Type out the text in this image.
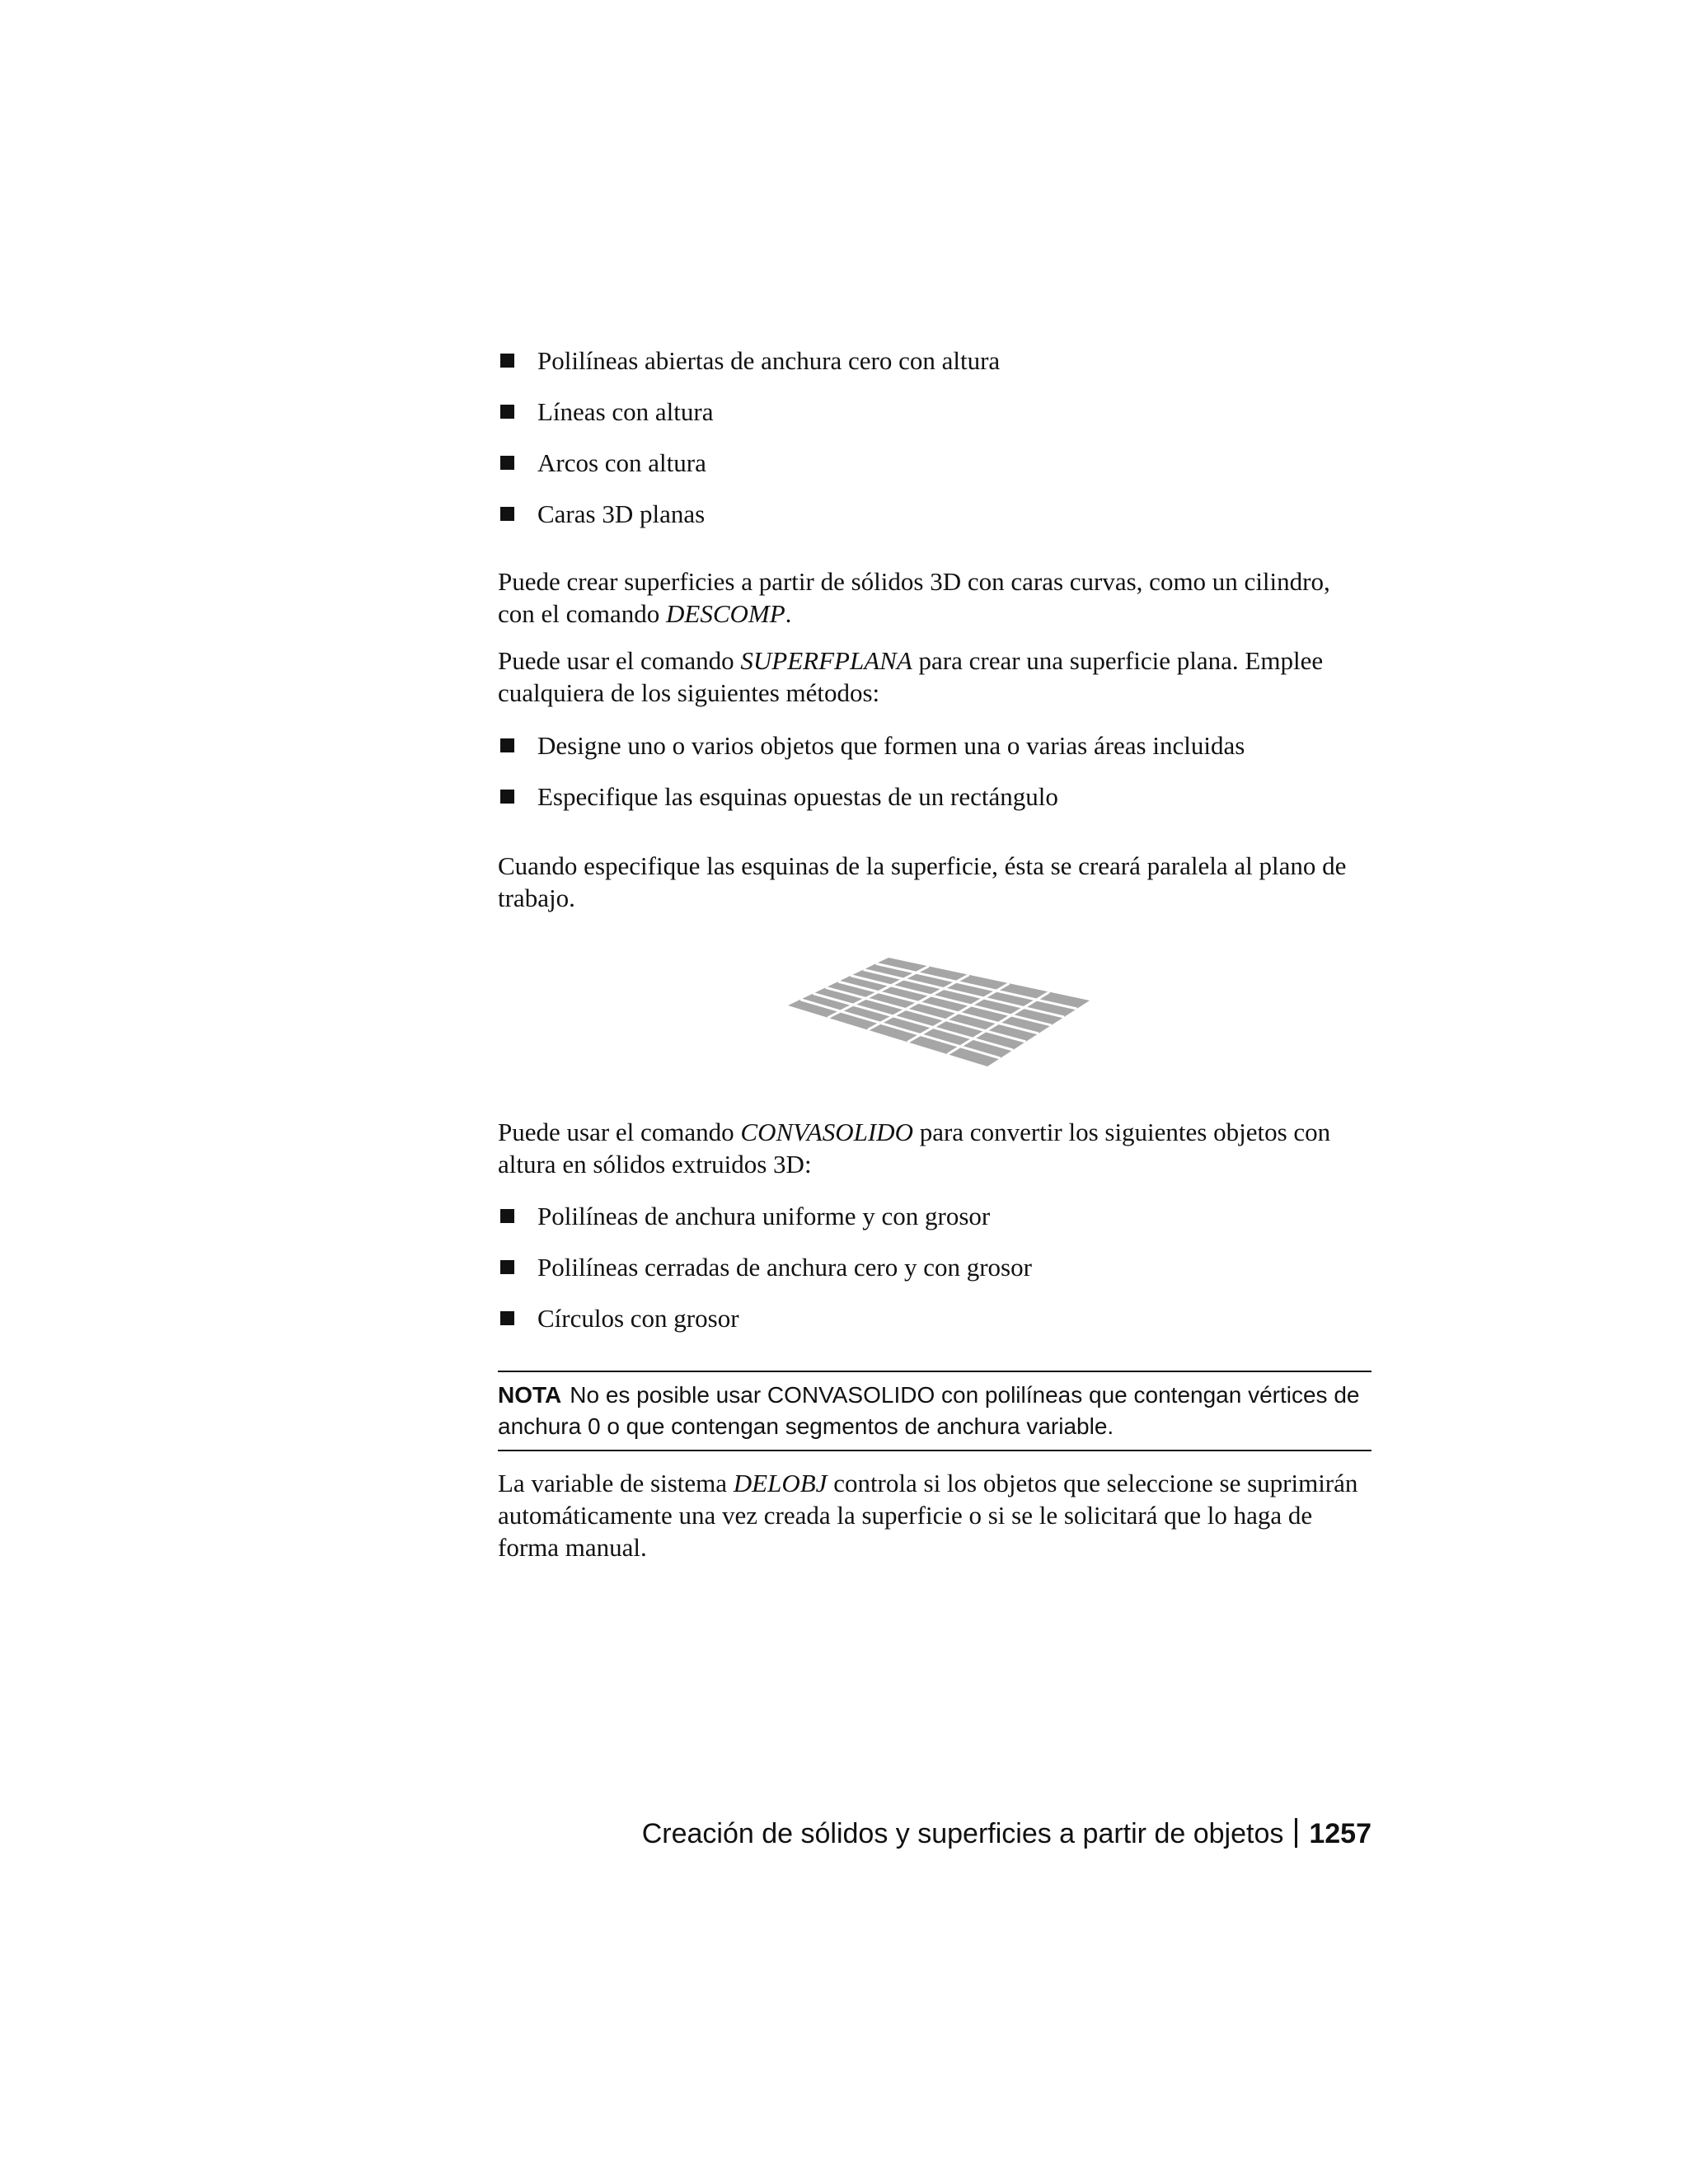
Polilíneas abiertas de anchura cero con altura
Líneas con altura
Arcos con altura
Caras 3D planas

Puede crear superficies a partir de sólidos 3D con caras curvas, como un cilindro, con el comando DESCOMP.

Puede usar el comando SUPERFPLANA para crear una superficie plana. Emplee cualquiera de los siguientes métodos:

Designe uno o varios objetos que formen una o varias áreas incluidas
Especifique las esquinas opuestas de un rectángulo

Cuando especifique las esquinas de la superficie, ésta se creará paralela al plano de trabajo.

Puede usar el comando CONVASOLIDO para convertir los siguientes objetos con altura en sólidos extruidos 3D:

Polilíneas de anchura uniforme y con grosor
Polilíneas cerradas de anchura cero y con grosor
Círculos con grosor
NOTA No es posible usar CONVASOLIDO con polilíneas que contengan vértices de anchura 0 o que contengan segmentos de anchura variable.

La variable de sistema DELOBJ controla si los objetos que seleccione se suprimirán automáticamente una vez creada la superficie o si se le solicitará que lo haga de forma manual.

Creación de sólidos y superficies a partir de objetos 1257
